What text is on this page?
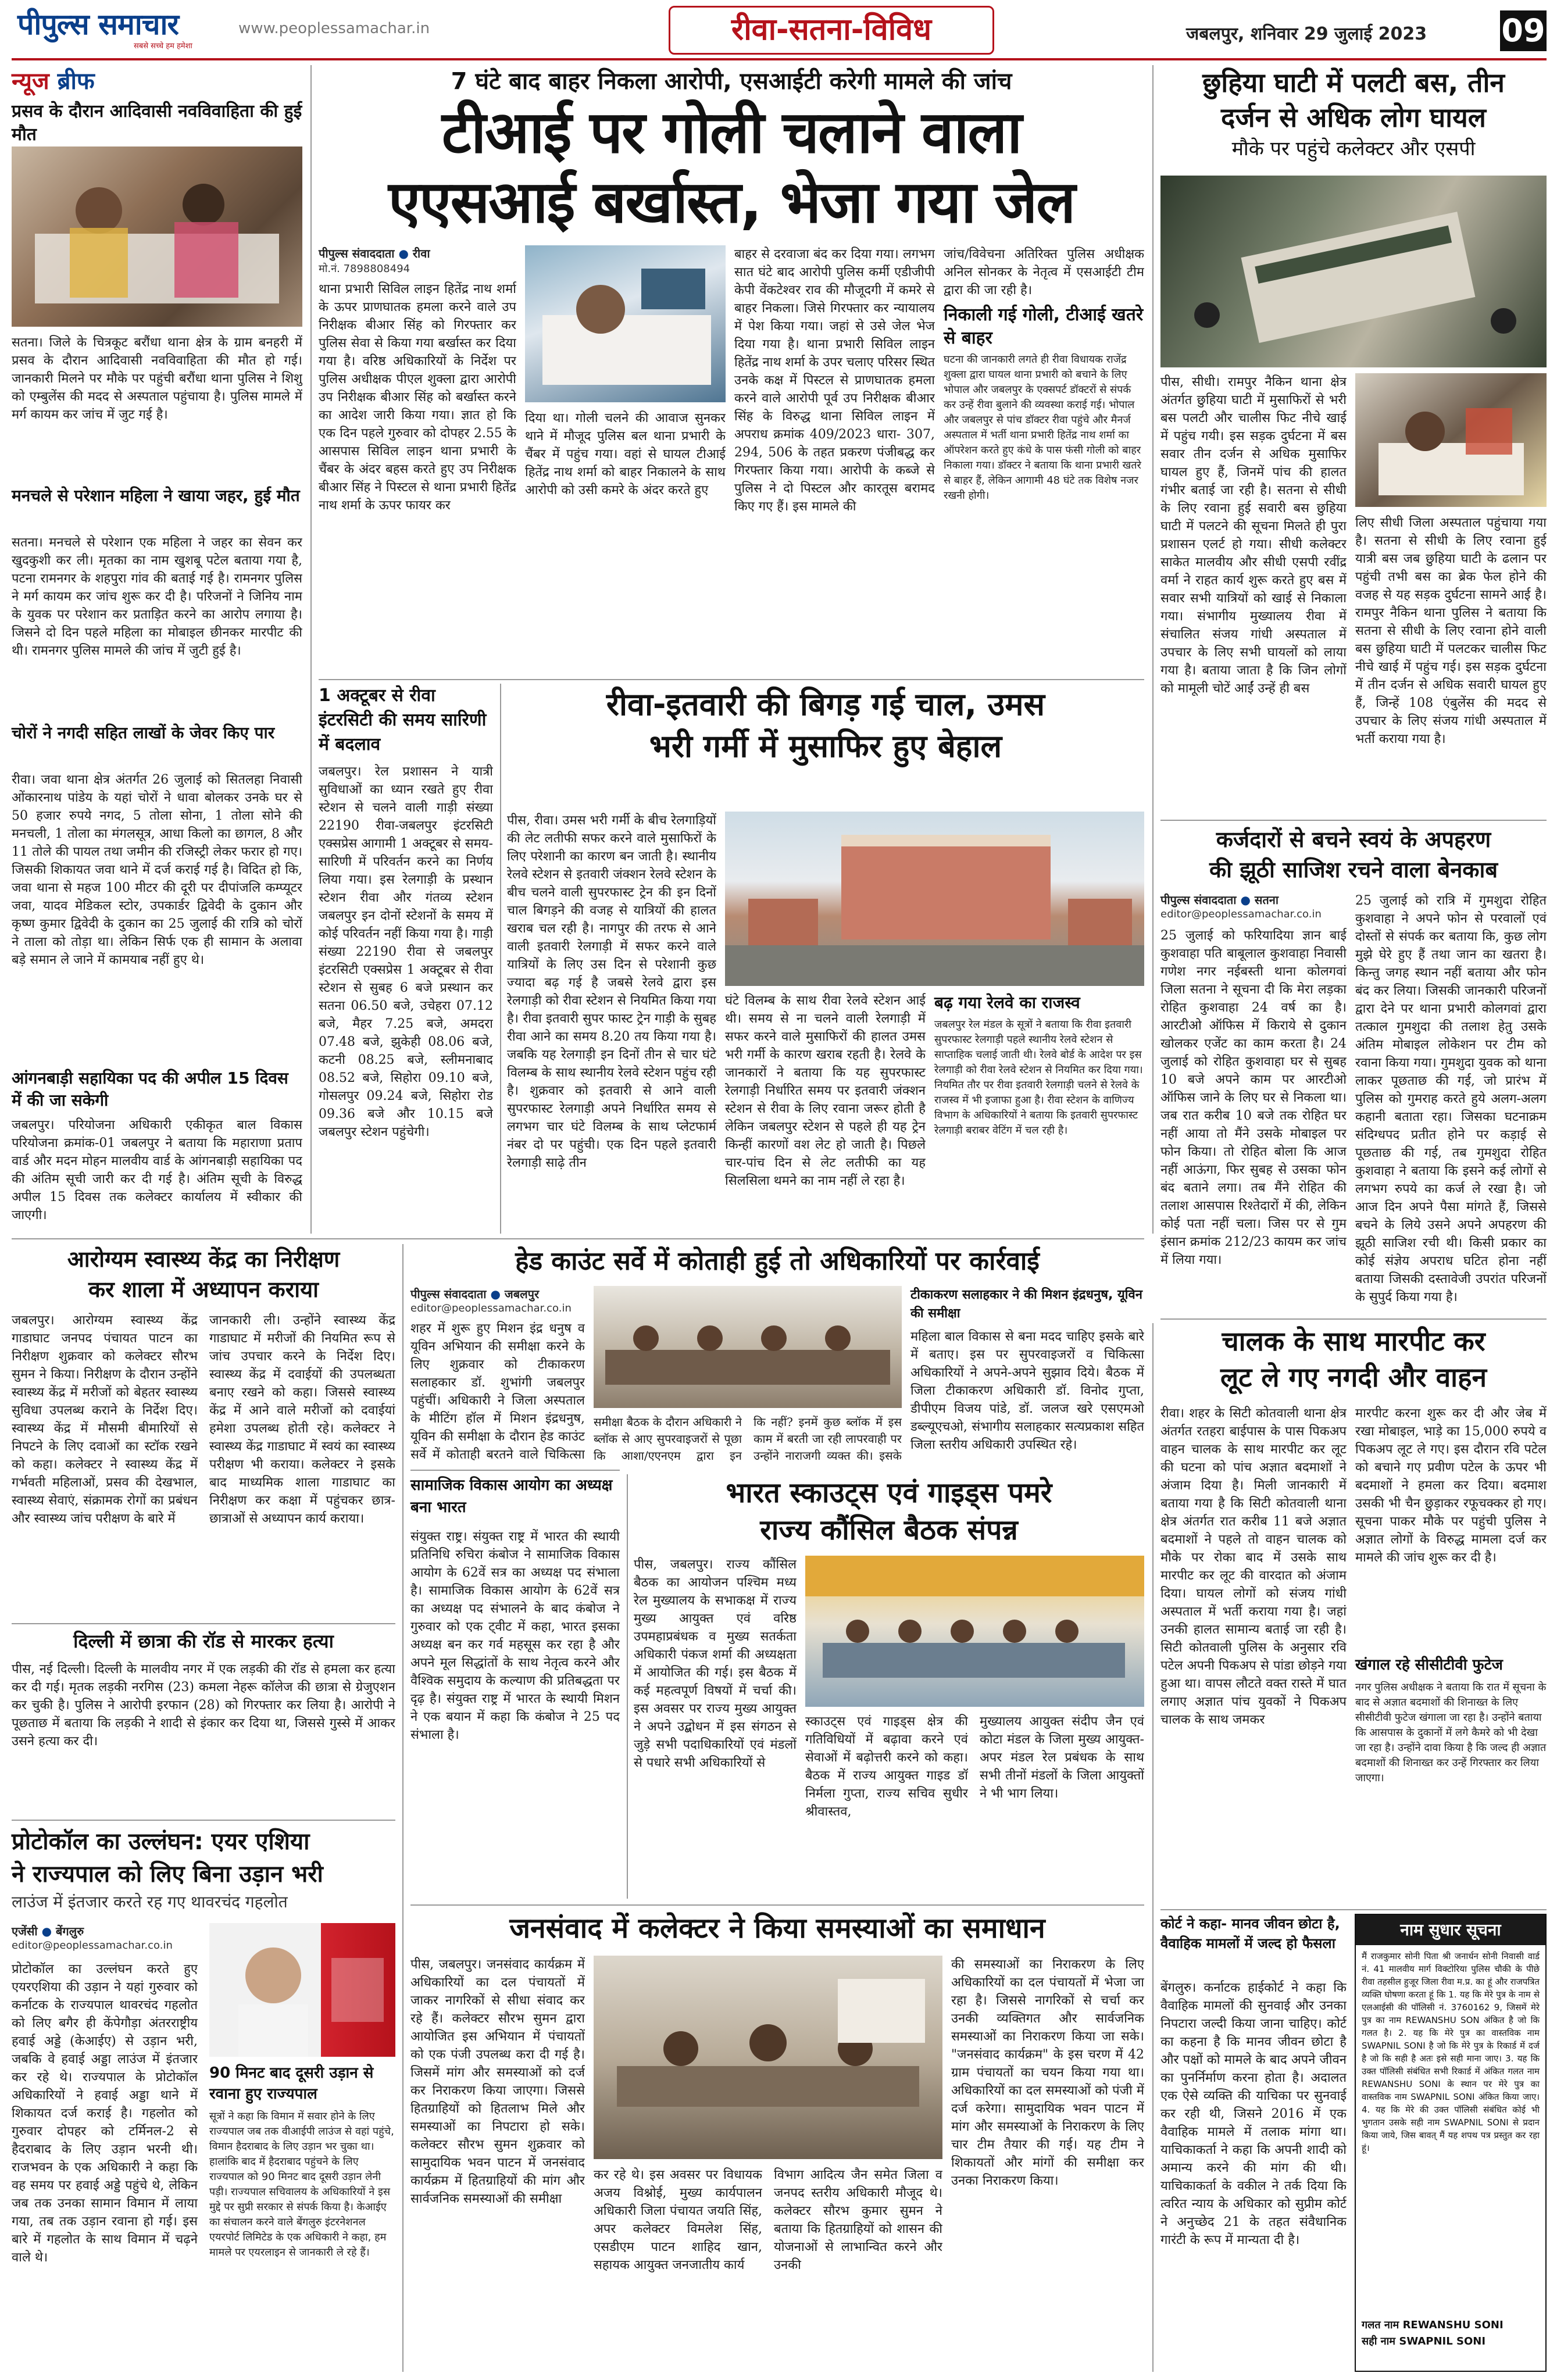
पीपुल्स समाचार
सबसे सच्चे हम हमेशा
www.peoplessamachar.in	रीवा-सतना-विविध	जबलपुर, शनिवार 29 जुलाई 2023 09
न्यूज ब्रीफ
प्रसव के दौरान आदिवासी नवविवाहिता की हुई मौत
सतना। जिले के चित्रकूट बरौंधा थाना क्षेत्र के ग्राम बनहरी में प्रसव के दौरान आदिवासी नवविवाहिता की मौत हो गई। जानकारी मिलने पर मौके पर पहुंची बरौंधा थाना पुलिस ने शिशु को एम्बुलेंस की मदद से अस्पताल पहुंचाया है। पुलिस मामले में मर्ग कायम कर जांच में जुट गई है।
मनचले से परेशान महिला ने खाया जहर, हुई मौत
सतना। मनचले से परेशान एक महिला ने जहर का सेवन कर खुदकुशी कर ली। मृतका का नाम खुशबू पटेल बताया गया है, पटना रामनगर के शहपुरा गांव की बताई गई है। रामनगर पुलिस ने मर्ग कायम कर जांच शुरू कर दी है। परिजनों ने जिनिय नाम के युवक पर परेशान कर प्रताड़ित करने का आरोप लगाया है। जिसने दो दिन पहले महिला का मोबाइल छीनकर मारपीट की थी। रामनगर पुलिस मामले की जांच में जुटी हुई है।
चोरों ने नगदी सहित लाखों के जेवर किए पार
रीवा। जवा थाना क्षेत्र अंतर्गत 26 जुलाई को सितलहा निवासी ओंकारनाथ पांडेय के यहां चोरों ने धावा बोलकर उनके घर से 50 हजार रुपये नगद, 5 तोला सोना, 1 तोला सोने की मनचली, 1 तोला का मंगलसूत्र, आधा किलो का छागल, 8 और 11 तोले की पायल तथा जमीन की रजिस्ट्री लेकर फरार हो गए। जिसकी शिकायत जवा थाने में दर्ज कराई गई है। विदित हो कि, जवा थाना से महज 100 मीटर की दूरी पर दीपांजलि कम्प्यूटर जवा, यादव मेडिकल स्टोर, उपकार्डर द्विवेदी के दुकान और कृष्ण कुमार द्विवेदी के दुकान का 25 जुलाई की रात्रि को चोरों ने ताला को तोड़ा था। लेकिन सिर्फ एक ही सामान के अलावा बड़े समान ले जाने में कामयाब नहीं हुए थे।
आंगनबाड़ी सहायिका पद की अपील 15 दिवस में की जा सकेगी
जबलपुर। परियोजना अधिकारी एकीकृत बाल विकास परियोजना क्रमांक-01 जबलपुर ने बताया कि महाराणा प्रताप वार्ड और मदन मोहन मालवीय वार्ड के आंगनबाड़ी सहायिका पद की अंतिम सूची जारी कर दी गई है। अंतिम सूची के विरुद्ध अपील 15 दिवस तक कलेक्टर कार्यालय में स्वीकार की जाएगी।
7 घंटे बाद बाहर निकला आरोपी, एसआईटी करेगी मामले की जांच
टीआई पर गोली चलाने वाला
एएसआई बर्खास्त, भेजा गया जेल
पीपुल्स संवाददाता ● रीवा
मो.नं. 7898808494
थाना प्रभारी सिविल लाइन हितेंद्र नाथ शर्मा के ऊपर प्राणघातक हमला करने वाले उप निरीक्षक बीआर सिंह को गिरफ्तार कर पुलिस सेवा से किया गया बर्खास्त कर दिया गया है। वरिष्ठ अधिकारियों के निर्देश पर पुलिस अधीक्षक पीएल शुक्ला द्वारा आरोपी उप निरीक्षक बीआर सिंह को बर्खास्त करने का आदेश जारी किया गया। ज्ञात हो कि एक दिन पहले गुरुवार को दोपहर 2.55 के आसपास सिविल लाइन थाना प्रभारी के चैंबर के अंदर बहस करते हुए उप निरीक्षक बीआर सिंह ने पिस्टल से थाना प्रभारी हितेंद्र नाथ शर्मा के ऊपर फायर कर
दिया था। गोली चलने की आवाज सुनकर थाने में मौजूद पुलिस बल थाना प्रभारी के चैंबर में पहुंच गया। वहां से घायल टीआई हितेंद्र नाथ शर्मा को बाहर निकालने के साथ आरोपी को उसी कमरे के अंदर करते हुए
बाहर से दरवाजा बंद कर दिया गया। लगभग सात घंटे बाद आरोपी पुलिस कर्मी एडीजीपी केपी वेंकटेश्वर राव की मौजूदगी में कमरे से बाहर निकला। जिसे गिरफ्तार कर न्यायालय में पेश किया गया। जहां से उसे जेल भेज दिया गया है। थाना प्रभारी सिविल लाइन हितेंद्र नाथ शर्मा के उपर चलाए परिसर स्थित उनके कक्ष में पिस्टल से प्राणघातक हमला करने वाले आरोपी पूर्व उप निरीक्षक बीआर सिंह के विरुद्ध थाना सिविल लाइन में अपराध क्रमांक 409/2023 धारा- 307, 294, 506 के तहत प्रकरण पंजीबद्ध कर गिरफ्तार किया गया। आरोपी के कब्जे से पुलिस ने दो पिस्टल और कारतूस बरामद किए गए हैं। इस मामले की
जांच/विवेचना अतिरिक्त पुलिस अधीक्षक अनिल सोनकर के नेतृत्व में एसआईटी टीम द्वारा की जा रही है।
निकाली गई गोली, टीआई खतरे से बाहर
घटना की जानकारी लगते ही रीवा विधायक राजेंद्र शुक्ला द्वारा घायल थाना प्रभारी को बचाने के लिए भोपाल और जबलपुर के एक्सपर्ट डॉक्टरों से संपर्क कर उन्हें रीवा बुलाने की व्यवस्था कराई गई। भोपाल और जबलपुर से पांच डॉक्टर रीवा पहुंचे और मैनर्ज अस्पताल में भर्ती थाना प्रभारी हितेंद्र नाथ शर्मा का ऑपरेशन करते हुए कंधे के पास फंसी गोली को बाहर निकाला गया। डॉक्टर ने बताया कि थाना प्रभारी खतरे से बाहर हैं, लेकिन आगामी 48 घंटे तक विशेष नजर रखनी होगी।
छुहिया घाटी में पलटी बस, तीन
दर्जन से अधिक लोग घायल
मौके पर पहुंचे कलेक्टर और एसपी
पीस, सीधी। रामपुर नैकिन थाना क्षेत्र अंतर्गत छुहिया घाटी में मुसाफिरों से भरी बस पलटी और चालीस फिट नीचे खाई में पहुंच गयी। इस सड़क दुर्घटना में बस सवार तीन दर्जन से अधिक मुसाफिर घायल हुए हैं, जिनमें पांच की हालत गंभीर बताई जा रही है। सतना से सीधी के लिए रवाना हुई सवारी बस छुहिया घाटी में पलटने की सूचना मिलते ही पुरा प्रशासन एलर्ट हो गया। सीधी कलेक्टर साकेत मालवीय और सीधी एसपी रवींद्र वर्मा ने राहत कार्य शुरू करते हुए बस में सवार सभी यात्रियों को खाई से निकाला गया। संभागीय मुख्यालय रीवा में संचालित संजय गांधी अस्पताल में उपचार के लिए सभी घायलों को लाया गया है। बताया जाता है कि जिन लोगों को मामूली चोटें आईं उन्हें ही बस
लिए सीधी जिला अस्पताल पहुंचाया गया है। सतना से सीधी के लिए रवाना हुई यात्री बस जब छुहिया घाटी के ढलान पर पहुंची तभी बस का ब्रेक फेल होने की वजह से यह सड़क दुर्घटना सामने आई है। रामपुर नैकिन थाना पुलिस ने बताया कि सतना से सीधी के लिए रवाना होने वाली बस छुहिया घाटी में पलटकर चालीस फिट नीचे खाई में पहुंच गई। इस सड़क दुर्घटना में तीन दर्जन से अधिक सवारी घायल हुए हैं, जिन्हें 108 एंबुलेंस की मदद से उपचार के लिए संजय गांधी अस्पताल में भर्ती कराया गया है।
1 अक्टूबर से रीवा इंटरसिटी की समय सारिणी में बदलाव
जबलपुर। रेल प्रशासन ने यात्री सुविधाओं का ध्यान रखते हुए रीवा स्टेशन से चलने वाली गाड़ी संख्या 22190 रीवा-जबलपुर इंटरसिटी एक्सप्रेस आगामी 1 अक्टूबर से समय-सारिणी में परिवर्तन करने का निर्णय लिया गया। इस रेलगाड़ी के प्रस्थान स्टेशन रीवा और गंतव्य स्टेशन जबलपुर इन दोनों स्टेशनों के समय में कोई परिवर्तन नहीं किया गया है। गाड़ी संख्या 22190 रीवा से जबलपुर इंटरसिटी एक्सप्रेस 1 अक्टूबर से रीवा स्टेशन से सुबह 6 बजे प्रस्थान कर सतना 06.50 बजे, उचेहरा 07.12 बजे, मैहर 7.25 बजे, अमदरा 07.48 बजे, झुकेही 08.06 बजे, कटनी 08.25 बजे, स्लीमनाबाद 08.52 बजे, सिहोरा 09.10 बजे, गोसलपुर 09.24 बजे, सिहोरा रोड 09.36 बजे और 10.15 बजे जबलपुर स्टेशन पहुंचेगी।
रीवा-इतवारी की बिगड़ गई चाल, उमस
भरी गर्मी में मुसाफिर हुए बेहाल
पीस, रीवा। उमस भरी गर्मी के बीच रेलगाड़ियों की लेट लतीफी सफर करने वाले मुसाफिरों के लिए परेशानी का कारण बन जाती है। स्थानीय रेलवे स्टेशन से इतवारी जंक्शन रेलवे स्टेशन के बीच चलने वाली सुपरफास्ट ट्रेन की इन दिनों चाल बिगड़ने की वजह से यात्रियों की हालत खराब चल रही है। नागपुर की तरफ से आने वाली इतवारी रेलगाड़ी में सफर करने वाले यात्रियों के लिए उस दिन से परेशानी कुछ ज्यादा बढ़ गई है जबसे रेलवे द्वारा इस रेलगाड़ी को रीवा स्टेशन से नियमित किया गया है। रीवा इतवारी सुपर फास्ट ट्रेन गाड़ी के सुबह रीवा आने का समय 8.20 तय किया गया है। जबकि यह रेलगाड़ी इन दिनों तीन से चार घंटे विलम्ब के साथ स्थानीय रेलवे स्टेशन पहुंच रही है। शुक्रवार को इतवारी से आने वाली सुपरफास्ट रेलगाड़ी अपने निर्धारित समय से लगभग चार घंटे विलम्ब के साथ प्लेटफार्म नंबर दो पर पहुंची। एक दिन पहले इतवारी रेलगाड़ी साढ़े तीन
घंटे विलम्ब के साथ रीवा रेलवे स्टेशन आई थी। समय से ना चलने वाली रेलगाड़ी में सफर करने वाले मुसाफिरों की हालत उमस भरी गर्मी के कारण खराब रहती है। रेलवे के जानकारों ने बताया कि यह सुपरफास्ट रेलगाड़ी निर्धारित समय पर इतवारी जंक्शन स्टेशन से रीवा के लिए रवाना जरूर होती है लेकिन जबलपुर स्टेशन से पहले ही यह ट्रेन किन्हीं कारणों वश लेट हो जाती है। पिछले चार-पांच दिन से लेट लतीफी का यह सिलसिला थमने का नाम नहीं ले रहा है।
बढ़ गया रेलवे का राजस्व
जबलपुर रेल मंडल के सूत्रों ने बताया कि रीवा इतवारी सुपरफास्ट रेलगाड़ी पहले स्थानीय रेलवे स्टेशन से साप्ताहिक चलाई जाती थी। रेलवे बोर्ड के आदेश पर इस रेलगाड़ी को रीवा रेलवे स्टेशन से नियमित कर दिया गया। नियमित तौर पर रीवा इतवारी रेलगाड़ी चलने से रेलवे के राजस्व में भी इजाफा हुआ है। रीवा स्टेशन के वाणिज्य विभाग के अधिकारियों ने बताया कि इतवारी सुपरफास्ट रेलगाड़ी बराबर वेटिंग में चल रही है।
कर्जदारों से बचने स्वयं के अपहरण
की झूठी साजिश रचने वाला बेनकाब
पीपुल्स संवाददाता ● सतना
editor@peoplessamachar.co.in
25 जुलाई को फरियादिया ज्ञान बाई कुशवाहा पति बाबूलाल कुशवाहा निवासी गणेश नगर नईबस्ती थाना कोलगवां जिला सतना ने सूचना दी कि मेरा लड़का रोहित कुशवाहा 24 वर्ष का है। आरटीओ ऑफिस में किराये से दुकान खोलकर एजेंट का काम करता है। 24 जुलाई को रोहित कुशवाहा घर से सुबह 10 बजे अपने काम पर आरटीओ ऑफिस जाने के लिए घर से निकला था। जब रात करीब 10 बजे तक रोहित घर नहीं आया तो मैंने उसके मोबाइल पर फोन किया। तो रोहित बोला कि आज नहीं आऊंगा, फिर सुबह से उसका फोन बंद बताने लगा। तब मैंने रोहित की तलाश आसपास रिश्तेदारों में की, लेकिन कोई पता नहीं चला। जिस पर से गुम इंसान क्रमांक 212/23 कायम कर जांच में लिया गया।
25 जुलाई को रात्रि में गुमशुदा रोहित कुशवाहा ने अपने फोन से परवालों एवं दोस्तों से संपर्क कर बताया कि, कुछ लोग मुझे घेरे हुए हैं तथा जान का खतरा है। किन्तु जगह स्थान नहीं बताया और फोन बंद कर लिया। जिसकी जानकारी परिजनों द्वारा देने पर थाना प्रभारी कोलगवां द्वारा तत्काल गुमशुदा की तलाश हेतु उसके अंतिम मोबाइल लोकेशन पर टीम को रवाना किया गया। गुमशुदा युवक को थाना लाकर पूछताछ की गई, जो प्रारंभ में पुलिस को गुमराह करते हुये अलग-अलग कहानी बताता रहा। जिसका घटनाक्रम संदिग्धपद प्रतीत होने पर कड़ाई से पूछताछ की गई, तब गुमशुदा रोहित कुशवाहा ने बताया कि इसने कई लोगों से लगभग रुपये का कर्ज ले रखा है। जो आज दिन अपने पैसा मांगते हैं, जिससे बचने के लिये उसने अपने अपहरण की झूठी साजिश रची थी। किसी प्रकार का कोई संज्ञेय अपराध घटित होना नहीं बताया जिसकी दस्तावेजी उपरांत परिजनों के सुपुर्द किया गया है।
आरोग्यम स्वास्थ्य केंद्र का निरीक्षण
कर शाला में अध्यापन कराया
जबलपुर। आरोग्यम स्वास्थ्य केंद्र गाडाघाट जनपद पंचायत पाटन का निरीक्षण शुक्रवार को कलेक्टर सौरभ सुमन ने किया। निरीक्षण के दौरान उन्होंने स्वास्थ्य केंद्र में मरीजों को बेहतर स्वास्थ्य सुविधा उपलब्ध कराने के निर्देश दिए। स्वास्थ्य केंद्र में मौसमी बीमारियों से निपटने के लिए दवाओं का स्टॉक रखने को कहा। कलेक्टर ने स्वास्थ्य केंद्र में गर्भवती महिलाओं, प्रसव की देखभाल, स्वास्थ्य सेवाएं, संक्रामक रोगों का प्रबंधन और स्वास्थ्य जांच परीक्षण के बारे में
जानकारी ली। उन्होंने स्वास्थ्य केंद्र गाडाघाट में मरीजों की नियमित रूप से जांच उपचार करने के निर्देश दिए। स्वास्थ्य केंद्र में दवाईयों की उपलब्धता बनाए रखने को कहा। जिससे स्वास्थ्य केंद्र में आने वाले मरीजों को दवाईयां हमेशा उपलब्ध होती रहे। कलेक्टर ने स्वास्थ्य केंद्र गाडाघाट में स्वयं का स्वास्थ्य परीक्षण भी कराया। कलेक्टर ने इसके बाद माध्यमिक शाला गाडाघाट का निरीक्षण कर कक्षा में पहुंचकर छात्र-छात्राओं से अध्यापन कार्य कराया।
दिल्ली में छात्रा की रॉड से मारकर हत्या
पीस, नई दिल्ली। दिल्ली के मालवीय नगर में एक लड़की की रॉड से हमला कर हत्या कर दी गई। मृतक लड़की नरगिस (23) कमला नेहरू कॉलेज की छात्रा से ग्रेजुएशन कर चुकी है। पुलिस ने आरोपी इरफान (28) को गिरफ्तार कर लिया है। आरोपी ने पूछताछ में बताया कि लड़की ने शादी से इंकार कर दिया था, जिससे गुस्से में आकर उसने हत्या कर दी।
प्रोटोकॉल का उल्लंघन: एयर एशिया
ने राज्यपाल को लिए बिना उड़ान भरी
लाउंज में इंतजार करते रह गए थावरचंद गहलोत
एजेंसी ● बेंगलुरु
editor@peoplessamachar.co.in
प्रोटोकॉल का उल्लंघन करते हुए एयरएशिया की उड़ान ने यहां गुरुवार को कर्नाटक के राज्यपाल थावरचंद गहलोत को लिए बगैर ही केंपेगौड़ा अंतरराष्ट्रीय हवाई अड्डे (केआईए) से उड़ान भरी, जबकि वे हवाई अड्डा लाउंज में इंतजार कर रहे थे। राज्यपाल के प्रोटोकॉल अधिकारियों ने हवाई अड्डा थाने में शिकायत दर्ज कराई है। गहलोत को गुरुवार दोपहर को टर्मिनल-2 से हैदराबाद के लिए उड़ान भरनी थी। राजभवन के एक अधिकारी ने कहा कि वह समय पर हवाई अड्डे पहुंचे थे, लेकिन जब तक उनका सामान विमान में लाया गया, तब तक उड़ान रवाना हो गई। इस बारे में गहलोत के साथ विमान में चढ़ने वाले थे।
90 मिनट बाद दूसरी उड़ान से रवाना हुए राज्यपाल
सूत्रों ने कहा कि विमान में सवार होने के लिए राज्यपाल जब तक वीआईपी लाउंज से वहां पहुंचे, विमान हैदराबाद के लिए उड़ान भर चुका था। हालांकि बाद में हैदराबाद पहुंचने के लिए राज्यपाल को 90 मिनट बाद दूसरी उड़ान लेनी पड़ी। राज्यपाल सचिवालय के अधिकारियों ने इस मुद्दे पर सुप्री सरकार से संपर्क किया है। केआईए का संचालन करने वाले बेंगलुरु इंटरनेशनल एयरपोर्ट लिमिटेड के एक अधिकारी ने कहा, हम मामले पर एयरलाइन से जानकारी ले रहे हैं।
हेड काउंट सर्वे में कोताही हुई तो अधिकारियों पर कार्रवाई
पीपुल्स संवाददाता ● जबलपुर
editor@peoplessamachar.co.in
शहर में शुरू हुए मिशन इंद्र धनुष व यूविन अभियान की समीक्षा करने के लिए शुक्रवार को टीकाकरण सलाहकार डॉ. शुभांगी जबलपुर पहुंचीं। अधिकारी ने जिला अस्पताल के मीटिंग हॉल में मिशन इंद्रधनुष, यूविन की समीक्षा के दौरान हेड काउंट सर्वे में कोताही बरतने वाले चिकित्सा
समीक्षा बैठक के दौरान अधिकारी ने ब्लॉक से आए सुपरवाइजरों से पूछा कि आशा/एएनएम द्वारा इन
कि नहीं? इनमें कुछ ब्लॉक में इस काम में बरती जा रही लापरवाही पर उन्होंने नाराजगी व्यक्त की। इसके
टीकाकरण सलाहकार ने की मिशन इंद्रधनुष, यूविन की समीक्षा
महिला बाल विकास से बना मदद चाहिए इसके बारे में बताए। इस पर सुपरवाइजरों व चिकित्सा अधिकारियों ने अपने-अपने सुझाव दिये। बैठक में जिला टीकाकरण अधिकारी डॉ. विनोद गुप्ता, डीपीएम विजय पांडे, डॉ. जलज खरे एसएमओ डब्ल्यूएचओ, संभागीय सलाहकार सत्यप्रकाश सहित जिला स्तरीय अधिकारी उपस्थित रहे।
सामाजिक विकास आयोग का अध्यक्ष बना भारत
संयुक्त राष्ट्र। संयुक्त राष्ट्र में भारत की स्थायी प्रतिनिधि रुचिरा कंबोज ने सामाजिक विकास आयोग के 62वें सत्र का अध्यक्ष पद संभाला है। सामाजिक विकास आयोग के 62वें सत्र का अध्यक्ष पद संभालने के बाद कंबोज ने गुरुवार को एक ट्वीट में कहा, भारत इसका अध्यक्ष बन कर गर्व महसूस कर रहा है और अपने मूल सिद्धांतों के साथ नेतृत्व करने और वैश्विक समुदाय के कल्याण की प्रतिबद्धता पर दृढ़ है। संयुक्त राष्ट्र में भारत के स्थायी मिशन ने एक बयान में कहा कि कंबोज ने 25 पद संभाला है।
भारत स्काउट्स एवं गाइड्स पमरे
राज्य कौंसिल बैठक संपन्न
पीस, जबलपुर। राज्य कौंसिल बैठक का आयोजन पश्चिम मध्य रेल मुख्यालय के सभाकक्ष में राज्य मुख्य आयुक्त एवं वरिष्ठ उपमहाप्रबंधक व मुख्य सतर्कता अधिकारी पंकज शर्मा की अध्यक्षता में आयोजित की गई। इस बैठक में कई महत्वपूर्ण विषयों में चर्चा की। इस अवसर पर राज्य मुख्य आयुक्त ने अपने उद्बोधन में इस संगठन से जुड़े सभी पदाधिकारियों एवं मंडलों से पधारे सभी अधिकारियों से
स्काउट्स एवं गाइड्स क्षेत्र की गतिविधियों में बढ़ावा करने एवं सेवाओं में बढ़ोत्तरी करने को कहा। बैठक में राज्य आयुक्त गाइड डॉ निर्मला गुप्ता, राज्य सचिव सुधीर श्रीवास्तव,
मुख्यालय आयुक्त संदीप जैन एवं कोटा मंडल के जिला मुख्य आयुक्त-अपर मंडल रेल प्रबंधक के साथ सभी तीनों मंडलों के जिला आयुक्तों ने भी भाग लिया।
जनसंवाद में कलेक्टर ने किया समस्याओं का समाधान
पीस, जबलपुर। जनसंवाद कार्यक्रम में अधिकारियों का दल पंचायतों में जाकर नागरिकों से सीधा संवाद कर रहे हैं। कलेक्टर सौरभ सुमन द्वारा आयोजित इस अभियान में पंचायतों को एक पंजी उपलब्ध करा दी गई है। जिसमें मांग और समस्याओं को दर्ज कर निराकरण किया जाएगा। जिससे हितग्राहियों को हितलाभ मिले और समस्याओं का निपटारा हो सके। कलेक्टर सौरभ सुमन शुक्रवार को सामुदायिक भवन पाटन में जनसंवाद कार्यक्रम में हितग्राहियों की मांग और सार्वजनिक समस्याओं की समीक्षा
कर रहे थे। इस अवसर पर विधायक अजय विश्नोई, मुख्य कार्यपालन अधिकारी जिला पंचायत जयति सिंह, अपर कलेक्टर विमलेश सिंह, एसडीएम पाटन शाहिद खान, सहायक आयुक्त जनजातीय कार्य
विभाग आदित्य जैन समेत जिला व जनपद स्तरीय अधिकारी मौजूद थे। कलेक्टर सौरभ कुमार सुमन ने बताया कि हितग्राहियों को शासन की योजनाओं से लाभान्वित करने और उनकी
की समस्याओं का निराकरण के लिए अधिकारियों का दल पंचायतों में भेजा जा रहा है। जिससे नागरिकों से चर्चा कर उनकी व्यक्तिगत और सार्वजनिक समस्याओं का निराकरण किया जा सके। "जनसंवाद कार्यक्रम" के इस चरण में 42 ग्राम पंचायतों का चयन किया गया था। अधिकारियों का दल समस्याओं को पंजी में दर्ज करेगा। सामुदायिक भवन पाटन में मांग और समस्याओं के निराकरण के लिए चार टीम तैयार की गई। यह टीम ने शिकायतों और मांगों की समीक्षा कर उनका निराकरण किया।
चालक के साथ मारपीट कर
लूट ले गए नगदी और वाहन
रीवा। शहर के सिटी कोतवाली थाना क्षेत्र अंतर्गत रतहरा बाईपास के पास पिकअप वाहन चालक के साथ मारपीट कर लूट की घटना को पांच अज्ञात बदमाशों ने अंजाम दिया है। मिली जानकारी में बताया गया है कि सिटी कोतवाली थाना क्षेत्र अंतर्गत रात करीब 11 बजे अज्ञात बदमाशों ने पहले तो वाहन चालक को मौके पर रोका बाद में उसके साथ मारपीट कर लूट की वारदात को अंजाम दिया। घायल लोगों को संजय गांधी अस्पताल में भर्ती कराया गया है। जहां उनकी हालत सामान्य बताई जा रही है। सिटी कोतवाली पुलिस के अनुसार रवि पटेल अपनी पिकअप से पांडा छोड़ने गया हुआ था। वापस लौटते वक्त रास्ते में घात लगाए अज्ञात पांच युवकों ने पिकअप चालक के साथ जमकर
मारपीट करना शुरू कर दी और जेब में रखा मोबाइल, भाड़े का 15,000 रुपये व पिकअप लूट ले गए। इस दौरान रवि पटेल को बचाने गए प्रवीण पटेल के ऊपर भी बदमाशों ने हमला कर दिया। बदमाश उसकी भी चैन छुड़ाकर रफूचक्कर हो गए। सूचना पाकर मौके पर पहुंची पुलिस ने अज्ञात लोगों के विरुद्ध मामला दर्ज कर मामले की जांच शुरू कर दी है।
खंगाल रहे सीसीटीवी फुटेज
नगर पुलिस अधीक्षक ने बताया कि रात में सूचना के बाद से अज्ञात बदमाशों की शिनाख्त के लिए सीसीटीवी फुटेज खंगाला जा रहा है। उन्होंने बताया कि आसपास के दुकानों में लगे कैमरे को भी देखा जा रहा है। उन्होंने दावा किया है कि जल्द ही अज्ञात बदमाशों की शिनाख्त कर उन्हें गिरफ्तार कर लिया जाएगा।
कोर्ट ने कहा- मानव जीवन छोटा है, वैवाहिक मामलों में जल्द हो फैसला
बेंगलुरु। कर्नाटक हाईकोर्ट ने कहा कि वैवाहिक मामलों की सुनवाई और उनका निपटारा जल्दी किया जाना चाहिए। कोर्ट का कहना है कि मानव जीवन छोटा है और पक्षों को मामले के बाद अपने जीवन का पुनर्निर्माण करना होता है। अदालत एक ऐसे व्यक्ति की याचिका पर सुनवाई कर रही थी, जिसने 2016 में एक वैवाहिक मामले में तलाक मांगा था। याचिकाकर्ता ने कहा कि अपनी शादी को अमान्य करने की मांग की थी। याचिकाकर्ता के वकील ने तर्क दिया कि त्वरित न्याय के अधिकार को सुप्रीम कोर्ट ने अनुच्छेद 21 के तहत संवैधानिक गारंटी के रूप में मान्यता दी है।
नाम सुधार सूचना
मैं राजकुमार सोनी पिता श्री जनार्धन सोनी निवासी वार्ड नं. 41 मालवीय मार्ग विक्टोरिया पुलिस चौकी के पीछे रीवा तहसील हुजूर जिला रीवा म.प्र. का हूं और राजपत्रित व्यक्ति घोषणा करता हूं कि 1. यह कि मेरे पुत्र के नाम से एलआईसी की पॉलिसी नं. 3760162 9, जिसमें मेरे पुत्र का नाम REWANSHU SON अंकित है जो कि गलत है। 2. यह कि मेरे पुत्र का वास्तविक नाम SWAPNIL SONI है जो कि मेरे पुत्र के रिकार्ड में दर्ज है जो कि सही है अतः इसे सही माना जाए। 3. यह कि उक्त पॉलिसी संबंधित सभी रिकार्ड में अंकित गलत नाम REWANSHU SONI के स्थान पर मेरे पुत्र का वास्तविक नाम SWAPNIL SONI अंकित किया जाए। 4. यह कि मेरे की उक्त पॉलिसी संबंधित कोई भी भुगतान उसके सही नाम SWAPNIL SONI से प्रदान किया जाये, जिस बावत् मैं यह शपथ पत्र प्रस्तुत कर रहा हूं।
गलत नाम REWANSHU SONI
सही नाम SWAPNIL SONI
